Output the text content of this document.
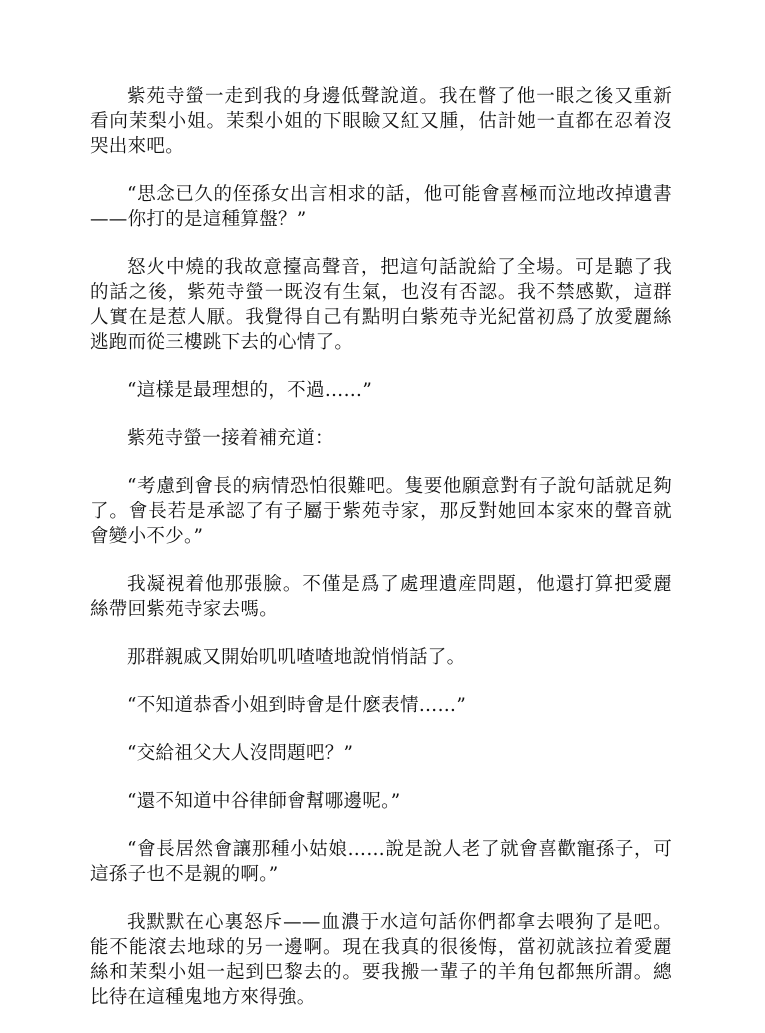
紫苑寺螢一走到我的身邊低聲說道。我在瞥了他一眼之後又重新看向茉梨小姐。茉梨小姐的下眼瞼又紅又腫，估計她一直都在忍着沒哭出來吧。

“思念已久的侄孫女出言相求的話，他可能會喜極而泣地改掉遺書——你打的是這種算盤？”

怒火中燒的我故意擡高聲音，把這句話說給了全場。可是聽了我的話之後，紫苑寺螢一既沒有生氣，也沒有否認。我不禁感歎，這群人實在是惹人厭。我覺得自己有點明白紫苑寺光紀當初爲了放愛麗絲逃跑而從三樓跳下去的心情了。

“這樣是最理想的，不過……”

紫苑寺螢一接着補充道：

“考慮到會長的病情恐怕很難吧。隻要他願意對有子說句話就足夠了。會長若是承認了有子屬于紫苑寺家，那反對她回本家來的聲音就會變小不少。”

我凝視着他那張臉。不僅是爲了處理遺産問題，他還打算把愛麗絲帶回紫苑寺家去嗎。

那群親戚又開始叽叽喳喳地說悄悄話了。

“不知道恭香小姐到時會是什麽表情……”

“交給祖父大人沒問題吧？”

“還不知道中谷律師會幫哪邊呢。”

“會長居然會讓那種小姑娘……說是說人老了就會喜歡寵孫子，可這孫子也不是親的啊。”

我默默在心裏怒斥——血濃于水這句話你們都拿去喂狗了是吧。能不能滾去地球的另一邊啊。現在我真的很後悔，當初就該拉着愛麗絲和茉梨小姐一起到巴黎去的。要我搬一輩子的羊角包都無所謂。總比待在這種鬼地方來得強。
